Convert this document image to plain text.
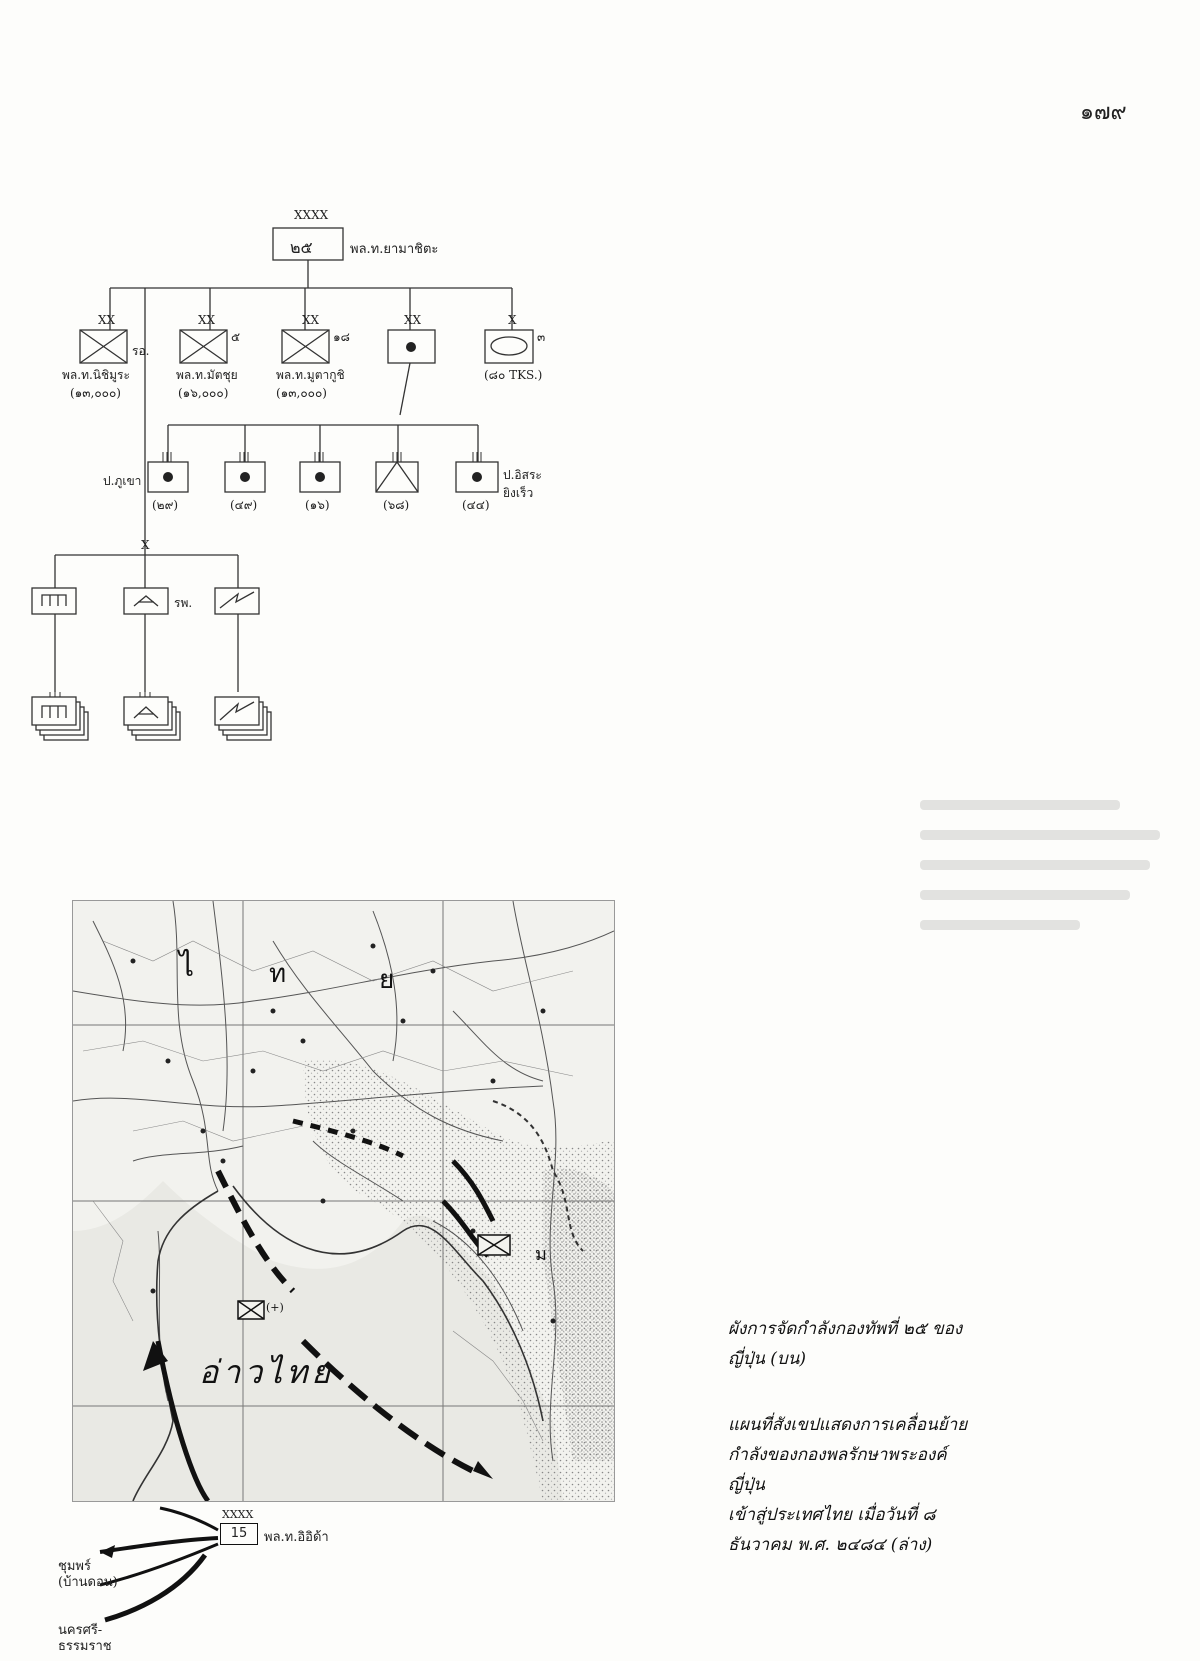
๑๗๙
XXXX
๒๕	พล.ท.ยามาชิตะ
XX	XX	XX	XX	X
รอ.
๕	๑๘	๓
พล.ท.นิชิมูระ	พล.ท.มัตชุย	พล.ท.มูตากูชิ	(๘๐ TKS.)
(๑๓,๐๐๐)	(๑๖,๐๐๐)	(๑๓,๐๐๐)
ป.ภูเขา
(๒๙)	(๔๙)	(๑๖)	(๖๘)	(๔๔)
ป.อิสระ
ยิงเร็ว
X
รพ.
ไ	ท	ย
อ่าวไทย
ม
(+)
15
XXXX
พล.ท.อิอิด้า
ชุมพร์
(บ้านดอน)
นครศรี-
ธรรมราช
ผังการจัดกำลังกองทัพที่ ๒๕ ของ
ญี่ปุ่น (บน)
แผนที่สังเขปแสดงการเคลื่อนย้าย
กำลังของกองพลรักษาพระองค์ญี่ปุ่น
เข้าสู่ประเทศไทย เมื่อวันที่ ๘
ธันวาคม พ.ศ. ๒๔๘๔ (ล่าง)
